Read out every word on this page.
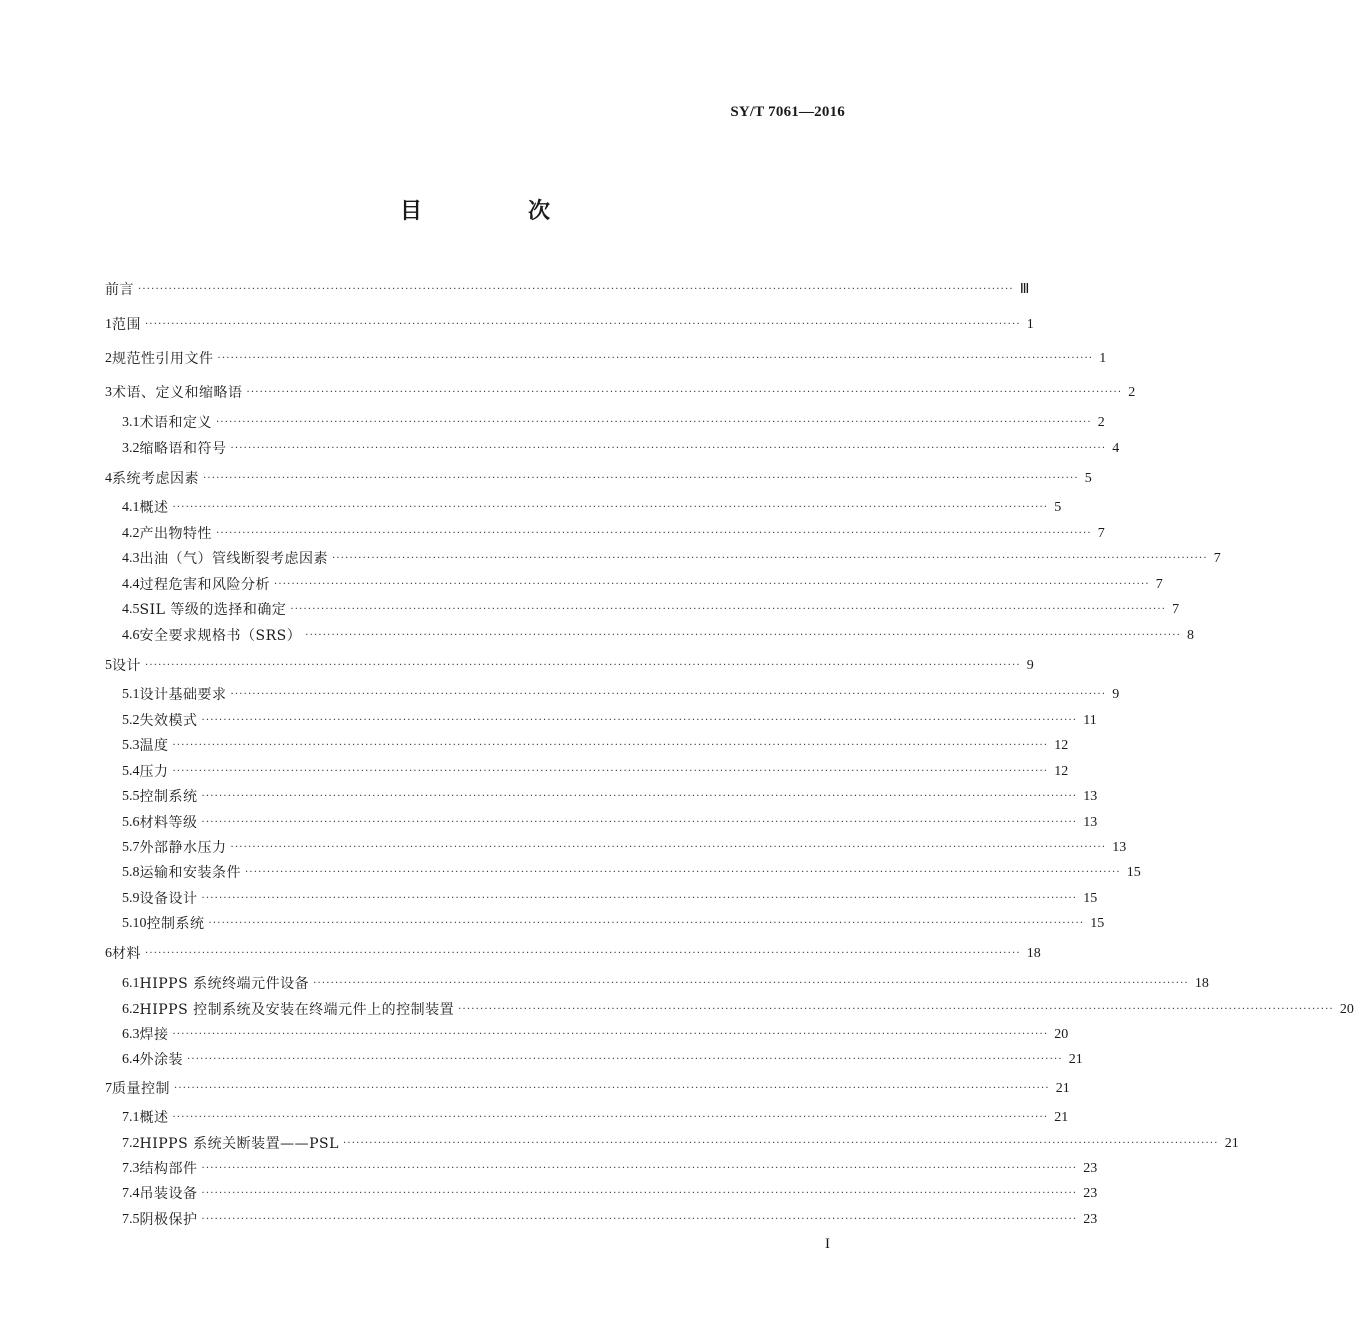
SY/T 7061—2016
目　次
前言 ········································································································································································································ Ⅲ
1 范围 ········································································································································································································ 1
2 规范性引用文件 ········································································································································································································ 1
3 术语、定义和缩略语 ········································································································································································································ 2
3.1 术语和定义 ········································································································································································································ 2
3.2 缩略语和符号 ········································································································································································································ 4
4 系统考虑因素 ········································································································································································································ 5
4.1 概述 ········································································································································································································ 5
4.2 产出物特性 ········································································································································································································ 7
4.3 出油（气）管线断裂考虑因素 ········································································································································································································ 7
4.4 过程危害和风险分析 ········································································································································································································ 7
4.5 SIL 等级的选择和确定 ········································································································································································································ 7
4.6 安全要求规格书（SRS） ········································································································································································································ 8
5 设计 ········································································································································································································ 9
5.1 设计基础要求 ········································································································································································································ 9
5.2 失效模式 ········································································································································································································ 11
5.3 温度 ········································································································································································································ 12
5.4 压力 ········································································································································································································ 12
5.5 控制系统 ········································································································································································································ 13
5.6 材料等级 ········································································································································································································ 13
5.7 外部静水压力 ········································································································································································································ 13
5.8 运输和安装条件 ········································································································································································································ 15
5.9 设备设计 ········································································································································································································ 15
5.10 控制系统 ········································································································································································································ 15
6 材料 ········································································································································································································ 18
6.1 HIPPS 系统终端元件设备 ········································································································································································································ 18
6.2 HIPPS 控制系统及安装在终端元件上的控制装置 ········································································································································································································ 20
6.3 焊接 ········································································································································································································ 20
6.4 外涂装 ········································································································································································································ 21
7 质量控制 ········································································································································································································ 21
7.1 概述 ········································································································································································································ 21
7.2 HIPPS 系统关断装置——PSL ········································································································································································································ 21
7.3 结构部件 ········································································································································································································ 23
7.4 吊装设备 ········································································································································································································ 23
7.5 阴极保护 ········································································································································································································ 23
I
